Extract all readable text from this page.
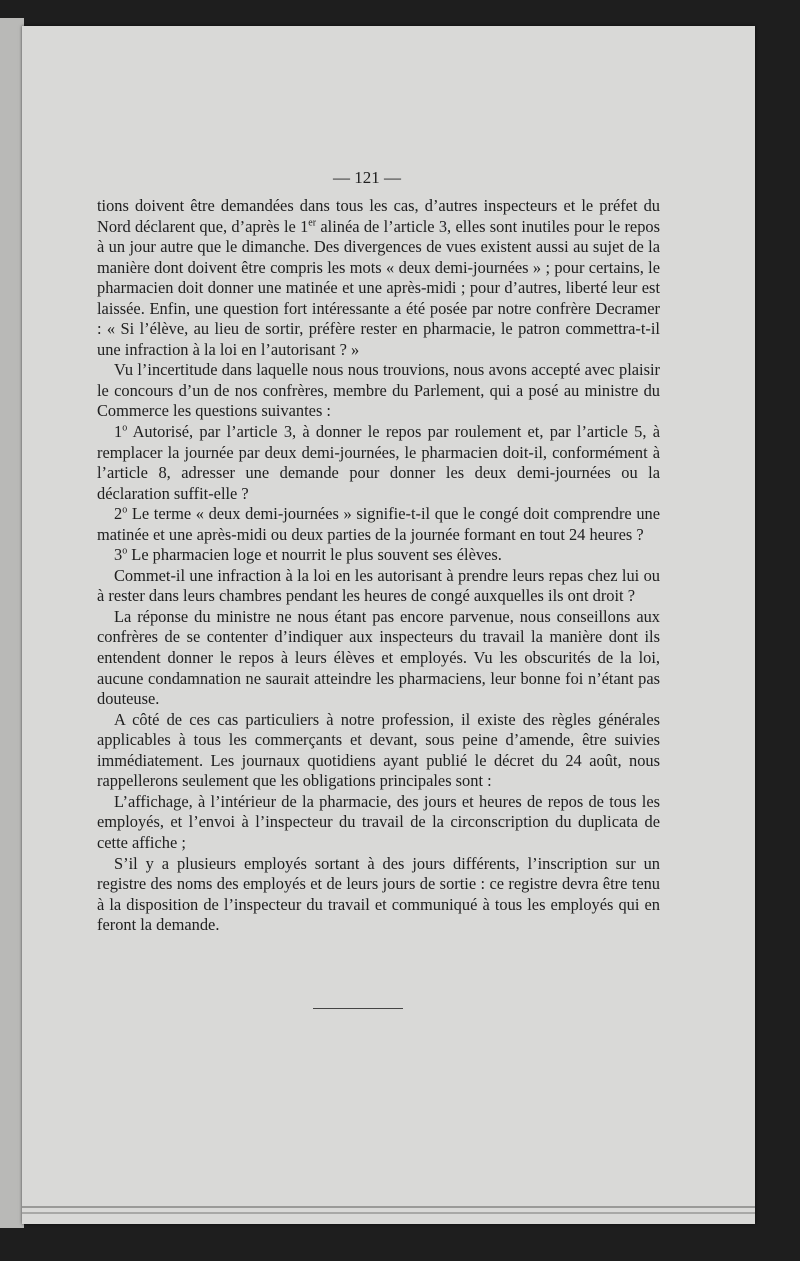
— 121 —

tions doivent être demandées dans tous les cas, d’autres inspecteurs et le préfet du Nord déclarent que, d’après le 1er alinéa de l’article 3, elles sont inutiles pour le repos à un jour autre que le dimanche. Des divergences de vues existent aussi au sujet de la manière dont doivent être compris les mots « deux demi-journées » ; pour certains, le pharmacien doit donner une matinée et une après-midi ; pour d’autres, liberté leur est laissée. Enfin, une question fort intéressante a été posée par notre confrère Decramer : « Si l’élève, au lieu de sortir, préfère rester en pharmacie, le patron commettra-t-il une infraction à la loi en l’autorisant ? »

Vu l’incertitude dans laquelle nous nous trouvions, nous avons accepté avec plaisir le concours d’un de nos confrères, membre du Parlement, qui a posé au ministre du Commerce les questions suivantes :

1$^o$ Autorisé, par l’article 3, à donner le repos par roulement et, par l’article 5, à remplacer la journée par deux demi-journées, le pharmacien doit-il, conformément à l’article 8, adresser une demande pour donner les deux demi-journées ou la déclaration suffit-elle ?

2$^o$ Le terme « deux demi-journées » signifie-t-il que le congé doit comprendre une matinée et une après-midi ou deux parties de la journée formant en tout 24 heures ?

3$^o$ Le pharmacien loge et nourrit le plus souvent ses élèves.

Commet-il une infraction à la loi en les autorisant à prendre leurs repas chez lui ou à rester dans leurs chambres pendant les heures de congé auxquelles ils ont droit ?

La réponse du ministre ne nous étant pas encore parvenue, nous conseillons aux confrères de se contenter d’indiquer aux inspecteurs du travail la manière dont ils entendent donner le repos à leurs élèves et employés. Vu les obscurités de la loi, aucune condamnation ne saurait atteindre les pharmaciens, leur bonne foi n’étant pas douteuse.

A côté de ces cas particuliers à notre profession, il existe des règles générales applicables à tous les commerçants et devant, sous peine d’amende, être suivies immédiatement. Les journaux quotidiens ayant publié le décret du 24 août, nous rappellerons seulement que les obligations principales sont :

L’affichage, à l’intérieur de la pharmacie, des jours et heures de repos de tous les employés, et l’envoi à l’inspecteur du travail de la circonscription du duplicata de cette affiche ;

S’il y a plusieurs employés sortant à des jours différents, l’inscription sur un registre des noms des employés et de leurs jours de sortie : ce registre devra être tenu à la disposition de l’inspecteur du travail et communiqué à tous les employés qui en feront la demande.
